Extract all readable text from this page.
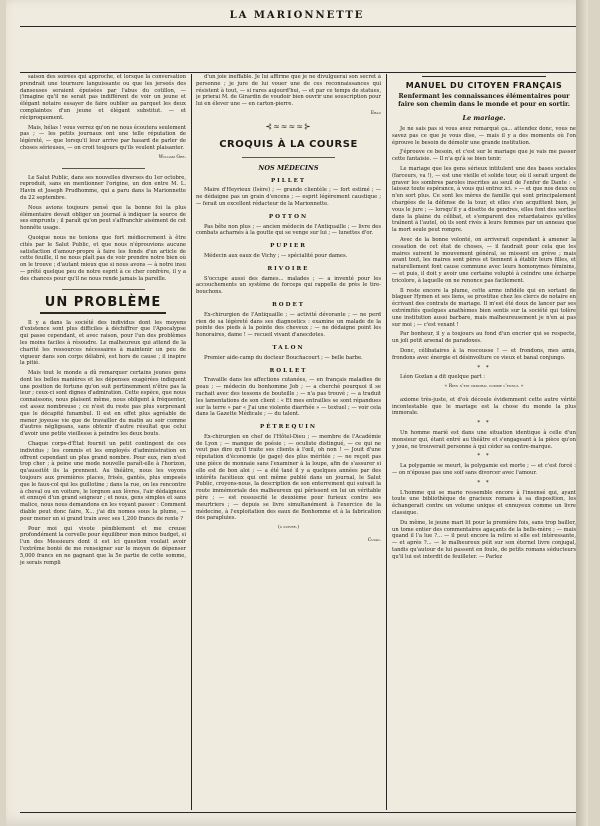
LA MARIONNETTE

saison des soirées qui approche, et lorsque la conversation prendrait une tournure languissante ou que les jerseés des danseuses seraient épuisées par l'abus du cotillon, — j'imagine qu'il ne serait pas indifférent de voir un jeune et élégant notaire essayer de faire oublier au parquet les deux complaintes d'un jeune et élégant substitut. — et réciproquement.

Mais, hélas ! vous verrez qu'on ne nous écoutera seulement pas ; — les petits journaux ont une telle réputation de légèreté, — que lorsqu'il leur arrive par hasard de parler de choses sérieuses, — on croit toujours qu'ils veulent plaisanter.

William Gré.

Le Salut Public, dans ses nouvelles diverses du 1er octobre, reproduit, sans en mentionner l'origine, un don entre M. L. Havin et Joseph Prudhomme, qui a paru dans la Marionnette du 22 septembre.

Nous avions toujours pensé que la bonne foi la plus élémentaire devait obliger un journal à indiquer la source de ses emprunts ; il paraît qu'on peut s'affranchir aisément de cet honnête usage.

Quoique nous ne tenions que fort médiocrement à être cités par le Salut Public, et que nous n'éprouvions aucune satisfaction d'amour-propre à faire les fonds d'un article de cette feuille, il ne nous plaît pas de voir prendre notre bien où on le trouve ; d'autant mieux que si nous avons — à notre insu — prêté quelque peu de notre esprit à ce cher confrère, il y a des chances pour qu'il ne nous rende jamais la pareille.

UN PROBLÈME

Il y a dans la société des individus dont les moyens d'existence sont plus difficiles à déchiffrer que l'Apocalypse qui passe cependant, et avec raison, pour l'un des problèmes les moins faciles à résoudre. Le malheureux qui attend de la charité les ressources nécessaires à maintenir un peu de vigueur dans son corps délabré, est hors de cause ; il inspire la pitié.

Mais tout le monde a dû remarquer certains jeunes gens dont les belles manières et les dépenses exagérées indiquent une position de fortune qu'on suit pertinemment n'être pas la leur ; ceux-ci sont dignes d'admiration. Cette espèce, que nous connaissons, nous plaisent même, nous obligent à fréquenter, est assez nombreuse ; ce n'est du reste pas plus surprenant que le décapité funambul. Il est en effet plus agréable de mener joyeuse vie que de travailler du matin au soir comme d'autres négligeans, sans obtenir d'autre résultat que celui d'avoir une petite vieillesse à peindre les deux bouts.

Chaque corps-d'État fournit un petit contingent de ces individus ; les commis et les employés d'administration en offrent cependant un plus grand nombre. Pour eux, rien n'est trop cher ; à peine une mode nouvelle paraît-elle à l'horizon, qu'aussitôt ils la prennent. Au théâtre, nous les voyons toujours aux premières places, frisés, gantés, plus empesés que le faux-col qui les guillotine ; dans la rue, on les rencontre à cheval ou en voiture, le lorgnon aux lèvres, l'air dédaigneux et ennuyé d'un grand seigneur ; et nous, gens simples et sans malice, nous nous demandons en les voyant passer : Comment diable peut donc faire, X... j'ai dix nomes sous la plume, — pour mener un si grand train avec ses 1,200 francs de rente ?

Pour moi qui vivote péniblement et me creuse profondément la cervelle pour équilibrer mon mince budget, si l'un des Messieurs dont il est ici question voulait avoir l'extrême bonté de me renseigner sur le moyen de dépenser 5,000 francs en ne gagnant que la 5e partie de cette somme, je serais rempli

d'un joie ineffable. Je lui affirme que je ne divulguerai son secret à personne ; je jure de lui vouer une de ces reconnaissances qui résistent à tout, — si rares aujourd'hui, — et par ce temps de statues, je prierai M. de Girardin de voudoir bien ouvrir une souscription pour lui en élever une — en carton-pierre.

Ebau
⊰≈≈≈≈⊱
CROQUIS À LA COURSE
NOS MÉDECINS
PILLET

Maire d'Heyrieux (Isère) ; — grande clientèle ; — fort estimé ; — ne dédaigne pas un grain d'encens ; — esprit légèrement caustique ; — ferait un excellent rédacteur de la Marionnette.

POTTON

Pas bête non plus ; — ancien médecin de l'Antiquaille ; — livre des combats acharnés à la goutte qui se venge sur lui ; — lunettes d'or.

PUPIER

Médecin aux eaux de Vichy ; — spécialité pour dames.

RIVOIRE

S'occupe aussi des dames... malades ; — a inventé pour les accouchements un système de forceps qui rappelle de près le tire-bouchons.

RODET

Ex-chirurgien de l'Antiquaille ; — activité dévorante ; — ne perd rien de sa légèreté dans ses diagnostics : examine un malade de la pointe des pieds à la pointe des cheveux ; — ne dédaigne point les honoraires, dame ! — recueil vivant d'anecdotes.

TALON

Premier aide-camp du docteur Bouchacourt ; — belle barbe.

ROLLET

Travaille dans les affections cutanées, — en français maladies de peau ; — médecin du bonhomme Job ; — a cherché pourquoi il se rachait avec des tessons de bouteille ; — n'a pas trouvé ; — a traduit les lamentations de son client : « Et mes entrailles se sont répandues sur la terre » par « J'ai une violente diarrhée » — textuel ; — voir cela dans la Gazette Médicale ; — du talent.

PÉTREQUIN

Ex-chirurgien en chef de l'Hôtel-Dieu ; — membre de l'Académie de Lyon ; — manque de poésie ; — oculiste distingué, — ce qui ne veut pas dire qu'il traite ses clients à l'œil, oh non ! — Jouit d'une réputation d'économie (je gage) des plus méritée ; — ne reçoit pas une pièce de monnaie sans l'examiner à la loupe, afin de s'assurer si elle est de bon aloi ; — a été taxé il y a quelques années par des intérêts facétieux qui ont même publié dans un journal, le Salut Public, croyons-nous, la description de son enterrement qui suivait la route immémoriale des malheureux qui périssent en lui un véritable père ; — est ressuscité le deuxième pour furieux contre ses meurtriers ; — depuis se livre simultanément à l'exercice de la médecine, à l'exploitation des eaux de Bonhomme et à la fabrication des parapluies.

(à suivre.)
Cuiad.
MANUEL DU CITOYEN FRANÇAIS
Renfermant les connaissances élémentaires pour faire son chemin dans le monde et pour en sortir.
Le mariage.

Je ne sais pas si vous avez remarqué ça... attendez donc, vous ne savez pas ce que je vous dise, — mais il y a des moments où l'on éprouve le besoin de démolir une grande institution.

J'éprouve ce besoin, et c'est sur le mariage que je vais me passer cette fantaisie. — Il n'a qu'à se bien tenir.

Le mariage que les gens sérieux intitulent une des bases sociales (farceurs, va !), — est une vieille et solide tour, où il serait urgent de graver les sombres paroles inscrites au seuil de l'enfer de Dante : « laissez toute espérance, à vous qui entrez ici. » — et que nos deux ou n'en sort plus. Ce sont les mères de famille qui sont principalement chargées de la défense de la tour, et elles s'en acquittent bien, je vous le jure ; — lorsqu'il y a disette de gendres, elles font des sorties dans la plaine du célibat, et s'emparent des retardataires qu'elles traînent à l'autel, où ils sont rivés à leurs femmes par un anneau que la mort seule peut rompre.

Avec de la bonne volonté, on arriverait cependant à amener la cessation de cet état de choses, — il faudrait pour cela que les maires suivent le mouvement général, se missent en grève ; mais avant tout, les maires sont pères et tiennent à établir leurs filles, et naturellement font cause commune avec leurs homonymes féminins, — et puis, il doit y avoir une certaine volupté à ceindre une écharpe tricolore, à laquelle on ne renonce pas facilement.

Il reste encore la plume, cette arme infidèle qui en sortant de blaguer Hymen et ses liens, se prostitue chez les clercs de notaire en écrivant des contrats de mariage. Il m'est été doux de lancer par ses extrémités quelques anathèmes bien sentis sur la société qui tolère une institution aussi barbare, mais malheureusement je n'en ai pas sur moi ; — c'est vexant !

Par bonheur, il y a toujours au fond d'un encrier qui se respecte, un joli petit arsenal de paradoxes.

Donc, célibataires à la rescousse ! — et frondons, mes amis, frondons avec énergie et désinvolture ce vieux et banal conjungo.

* *

Léon Gozlan a dit quelque part :

« Rien n'est immoral comme l'ennui. »

axiome très-juste, et d'où découle évidemment cette autre vérité incontestable que le mariage est la chose du monde la plus immorale.

* *

Un homme marié est dans une situation identique à celle d'un monsieur qui, étant entré au théâtre et s'engageant à la pièce qu'on y joue, ne trouverait personne à qui céder sa contre-marque.

* *

La polygamie se meurt, la polygamie est morte ; — et c'est forcé : — on n'épouse pas une soif sans divorcer avec l'amour.

* *

L'homme qui se marie ressemble encore à l'insensé qui, ayant toute une bibliothèque de gracieux romans à sa disposition, les échangerait contre un volume unique et ennuyeux comme un livre classique.

Du même, le jeune mari lit pour la première fois, sans trop bailler, un tome entier des commentaires agaçants de la belle-mère ; — mais quand il l'a lue ?... — il peut encore la relire si elle est intéressante, — et après ?... — le malheureux péit sur son éternel livre conjugal, tandis qu'autour de lui passent en foule, de petits romans séducteurs qu'il lui est interdit de feuilleter. — Parlez
